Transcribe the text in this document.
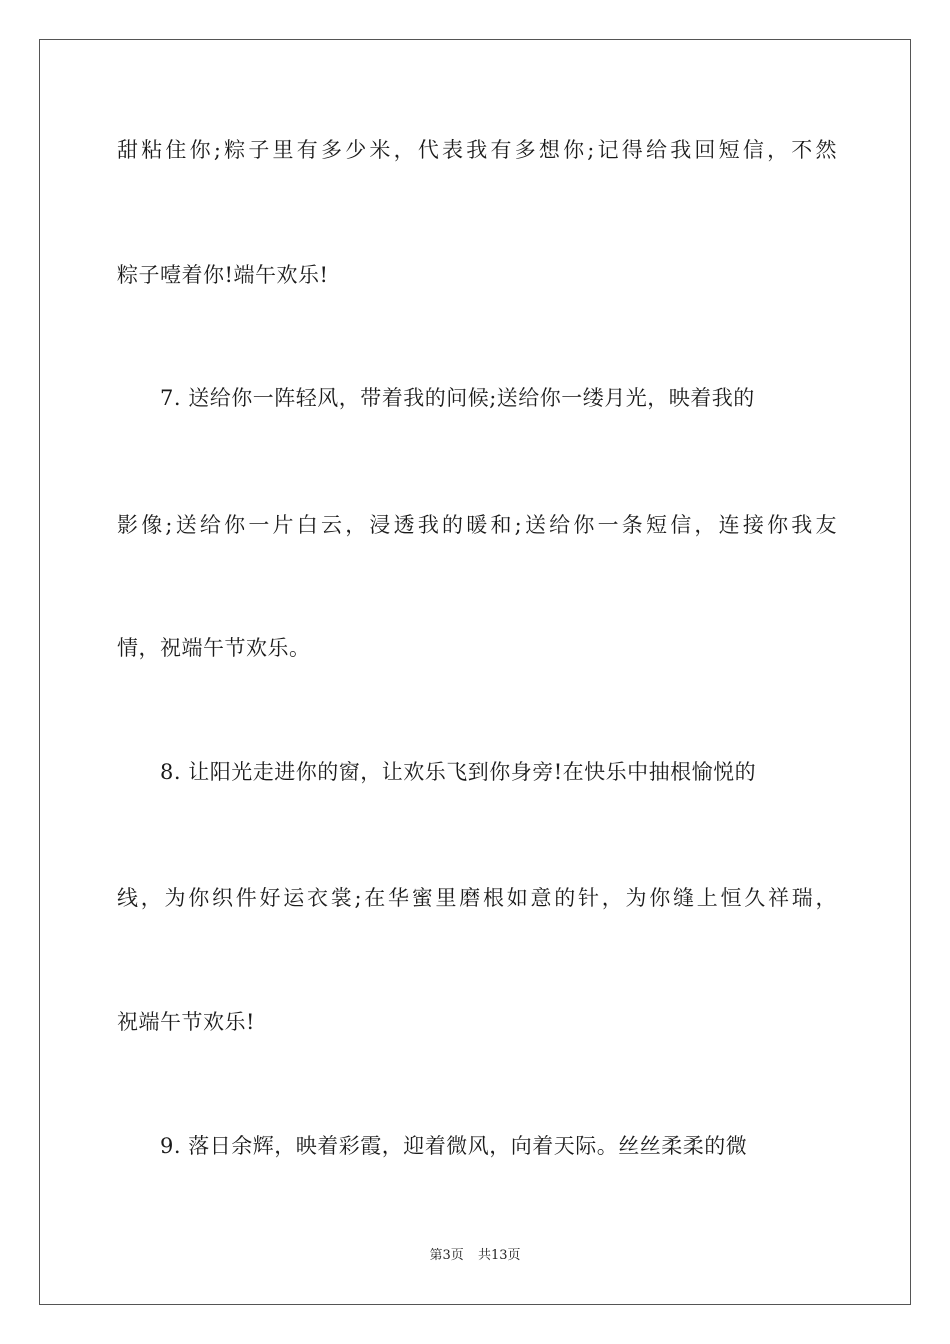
甜粘住你;粽子里有多少米，代表我有多想你;记得给我回短信，不然
粽子噎着你!端午欢乐!
7. 送给你一阵轻风，带着我的问候;送给你一缕月光，映着我的
影像;送给你一片白云，浸透我的暖和;送给你一条短信，连接你我友
情，祝端午节欢乐。
8. 让阳光走进你的窗，让欢乐飞到你身旁!在快乐中抽根愉悦的
线，为你织件好运衣裳;在华蜜里磨根如意的针，为你缝上恒久祥瑞，
祝端午节欢乐!
9. 落日余辉，映着彩霞，迎着微风，向着天际。丝丝柔柔的微
第3页 共13页
